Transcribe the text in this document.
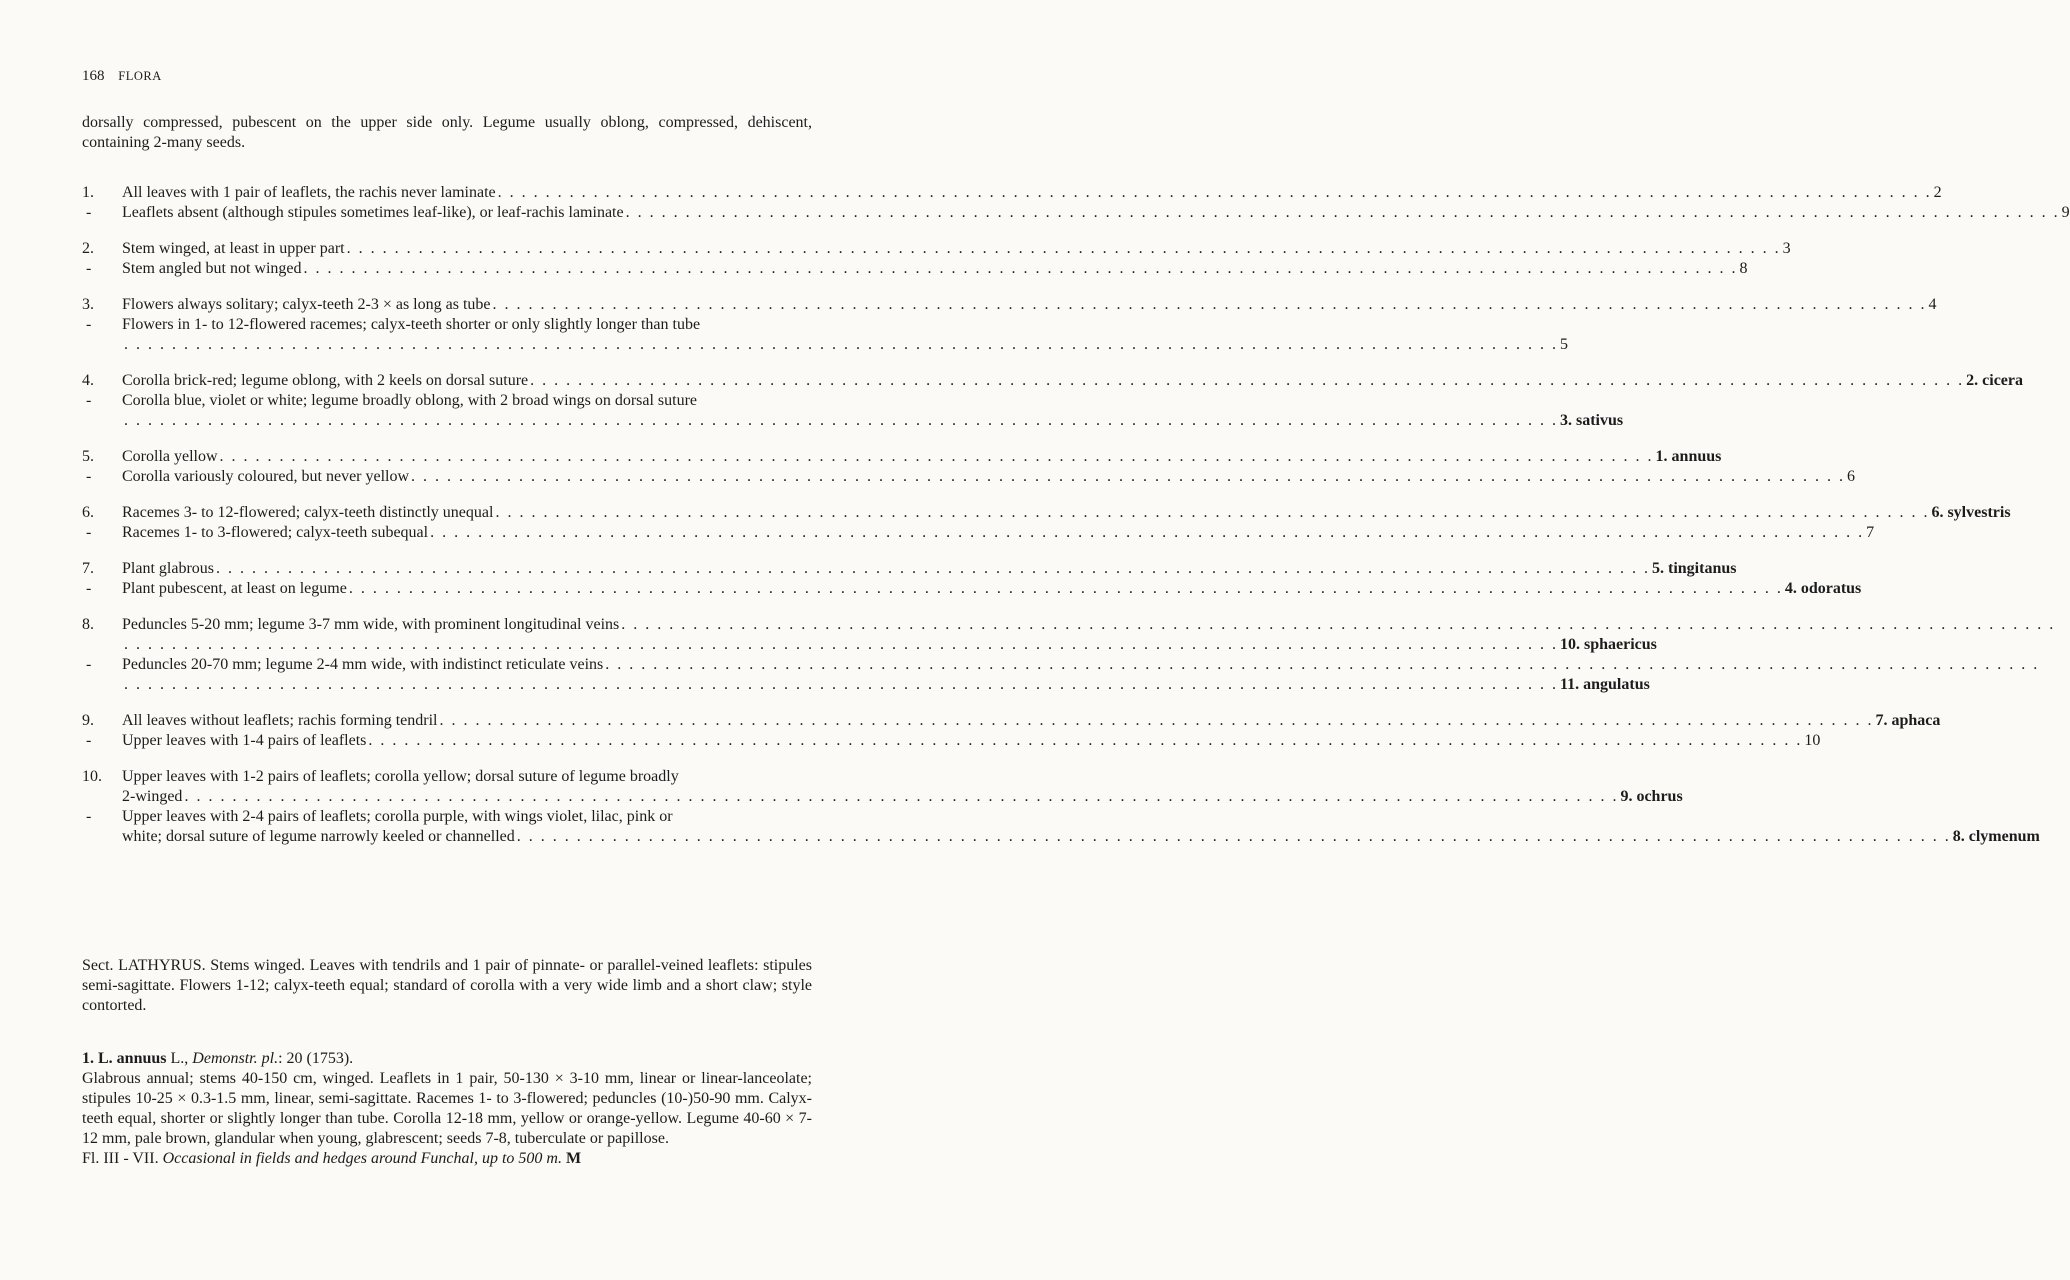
168 FLORA
dorsally compressed, pubescent on the upper side only. Legume usually oblong, compressed, dehiscent, containing 2-many seeds.
1.	All leaves with 1 pair of leaflets, the rachis never laminate . . . . . . . . . . . . . . . . . . . . . . . . . . . . . . . . . . . . . . . . . . . . . . . . . . . . . . . . . . . . . . . . . . . . . . . . . . . . . . . . . . . . . . . . . . . . . . . . . . . . . . . . . . . . . . . . . . . . . . . . 2
- Leaflets absent (although stipules sometimes leaf-like), or leaf-rachis laminate . . . . . . . . . . . . . . . . . . . . . . . . . . . . . . . . . . . . . . . . . . . . . . . . . . . . . . . . . . . . . . . . . . . . . . . . . . . . . . . . . . . . . . . . . . . . . . . . . . . . . . . . . . . . . . . . . . . . . . . . 9
2.	Stem winged, at least in upper part . . . . . . . . . . . . . . . . . . . . . . . . . . . . . . . . . . . . . . . . . . . . . . . . . . . . . . . . . . . . . . . . . . . . . . . . . . . . . . . . . . . . . . . . . . . . . . . . . . . . . . . . . . . . . . . . . . . . . . . . 3
- Stem angled but not winged . . . . . . . . . . . . . . . . . . . . . . . . . . . . . . . . . . . . . . . . . . . . . . . . . . . . . . . . . . . . . . . . . . . . . . . . . . . . . . . . . . . . . . . . . . . . . . . . . . . . . . . . . . . . . . . . . . . . . . . . 8
3.	Flowers always solitary; calyx-teeth 2-3 × as long as tube . . . . . . . . . . . . . . . . . . . . . . . . . . . . . . . . . . . . . . . . . . . . . . . . . . . . . . . . . . . . . . . . . . . . . . . . . . . . . . . . . . . . . . . . . . . . . . . . . . . . . . . . . . . . . . . . . . . . . . . . 4
- Flowers in 1- to 12-flowered racemes; calyx-teeth shorter or only slightly longer than tube
. . . . . . . . . . . . . . . . . . . . . . . . . . . . . . . . . . . . . . . . . . . . . . . . . . . . . . . . . . . . . . . . . . . . . . . . . . . . . . . . . . . . . . . . . . . . . . . . . . . . . . . . . . . . . . . . . . . . . . . . 5
4.	Corolla brick-red; legume oblong, with 2 keels on dorsal suture . . . . . . . . . . . . . . . . . . . . . . . . . . . . . . . . . . . . . . . . . . . . . . . . . . . . . . . . . . . . . . . . . . . . . . . . . . . . . . . . . . . . . . . . . . . . . . . . . . . . . . . . . . . . . . . . . . . . . . . . 2. cicera
- Corolla blue, violet or white; legume broadly oblong, with 2 broad wings on dorsal suture
. . . . . . . . . . . . . . . . . . . . . . . . . . . . . . . . . . . . . . . . . . . . . . . . . . . . . . . . . . . . . . . . . . . . . . . . . . . . . . . . . . . . . . . . . . . . . . . . . . . . . . . . . . . . . . . . . . . . . . . . 3. sativus
5.	Corolla yellow . . . . . . . . . . . . . . . . . . . . . . . . . . . . . . . . . . . . . . . . . . . . . . . . . . . . . . . . . . . . . . . . . . . . . . . . . . . . . . . . . . . . . . . . . . . . . . . . . . . . . . . . . . . . . . . . . . . . . . . . 1. annuus
- Corolla variously coloured, but never yellow . . . . . . . . . . . . . . . . . . . . . . . . . . . . . . . . . . . . . . . . . . . . . . . . . . . . . . . . . . . . . . . . . . . . . . . . . . . . . . . . . . . . . . . . . . . . . . . . . . . . . . . . . . . . . . . . . . . . . . . . 6
6.	Racemes 3- to 12-flowered; calyx-teeth distinctly unequal . . . . . . . . . . . . . . . . . . . . . . . . . . . . . . . . . . . . . . . . . . . . . . . . . . . . . . . . . . . . . . . . . . . . . . . . . . . . . . . . . . . . . . . . . . . . . . . . . . . . . . . . . . . . . . . . . . . . . . . . 6. sylvestris
- Racemes 1- to 3-flowered; calyx-teeth subequal . . . . . . . . . . . . . . . . . . . . . . . . . . . . . . . . . . . . . . . . . . . . . . . . . . . . . . . . . . . . . . . . . . . . . . . . . . . . . . . . . . . . . . . . . . . . . . . . . . . . . . . . . . . . . . . . . . . . . . . . 7
7.	Plant glabrous . . . . . . . . . . . . . . . . . . . . . . . . . . . . . . . . . . . . . . . . . . . . . . . . . . . . . . . . . . . . . . . . . . . . . . . . . . . . . . . . . . . . . . . . . . . . . . . . . . . . . . . . . . . . . . . . . . . . . . . . 5. tingitanus
- Plant pubescent, at least on legume . . . . . . . . . . . . . . . . . . . . . . . . . . . . . . . . . . . . . . . . . . . . . . . . . . . . . . . . . . . . . . . . . . . . . . . . . . . . . . . . . . . . . . . . . . . . . . . . . . . . . . . . . . . . . . . . . . . . . . . . 4. odoratus
8.	Peduncles 5-20 mm; legume 3-7 mm wide, with prominent longitudinal veins . . . . . . . . . . . . . . . . . . . . . . . . . . . . . . . . . . . . . . . . . . . . . . . . . . . . . . . . . . . . . . . . . . . . . . . . . . . . . . . . . . . . . . . . . . . . . . . . . . . . . . . . . . . . . . . . . . . . . . . .
. . . . . . . . . . . . . . . . . . . . . . . . . . . . . . . . . . . . . . . . . . . . . . . . . . . . . . . . . . . . . . . . . . . . . . . . . . . . . . . . . . . . . . . . . . . . . . . . . . . . . . . . . . . . . . . . . . . . . . . . 10. sphaericus
- Peduncles 20-70 mm; legume 2-4 mm wide, with indistinct reticulate veins . . . . . . . . . . . . . . . . . . . . . . . . . . . . . . . . . . . . . . . . . . . . . . . . . . . . . . . . . . . . . . . . . . . . . . . . . . . . . . . . . . . . . . . . . . . . . . . . . . . . . . . . . . . . . . . . . . . . . . . .
. . . . . . . . . . . . . . . . . . . . . . . . . . . . . . . . . . . . . . . . . . . . . . . . . . . . . . . . . . . . . . . . . . . . . . . . . . . . . . . . . . . . . . . . . . . . . . . . . . . . . . . . . . . . . . . . . . . . . . . . 11. angulatus
9.	All leaves without leaflets; rachis forming tendril . . . . . . . . . . . . . . . . . . . . . . . . . . . . . . . . . . . . . . . . . . . . . . . . . . . . . . . . . . . . . . . . . . . . . . . . . . . . . . . . . . . . . . . . . . . . . . . . . . . . . . . . . . . . . . . . . . . . . . . . 7. aphaca
- Upper leaves with 1-4 pairs of leaflets . . . . . . . . . . . . . . . . . . . . . . . . . . . . . . . . . . . . . . . . . . . . . . . . . . . . . . . . . . . . . . . . . . . . . . . . . . . . . . . . . . . . . . . . . . . . . . . . . . . . . . . . . . . . . . . . . . . . . . . . 10
10.	Upper leaves with 1-2 pairs of leaflets; corolla yellow; dorsal suture of legume broadly
2-winged . . . . . . . . . . . . . . . . . . . . . . . . . . . . . . . . . . . . . . . . . . . . . . . . . . . . . . . . . . . . . . . . . . . . . . . . . . . . . . . . . . . . . . . . . . . . . . . . . . . . . . . . . . . . . . . . . . . . . . . . 9. ochrus
- Upper leaves with 2-4 pairs of leaflets; corolla purple, with wings violet, lilac, pink or
white; dorsal suture of legume narrowly keeled or channelled . . . . . . . . . . . . . . . . . . . . . . . . . . . . . . . . . . . . . . . . . . . . . . . . . . . . . . . . . . . . . . . . . . . . . . . . . . . . . . . . . . . . . . . . . . . . . . . . . . . . . . . . . . . . . . . . . . . . . . . . 8. clymenum
Sect. LATHYRUS. Stems winged. Leaves with tendrils and 1 pair of pinnate- or parallel-veined leaflets: stipules semi-sagittate. Flowers 1-12; calyx-teeth equal; standard of corolla with a very wide limb and a short claw; style contorted.
1. L. annuus L., Demonstr. pl.: 20 (1753).
Glabrous annual; stems 40-150 cm, winged. Leaflets in 1 pair, 50-130 × 3-10 mm, linear or linear-lanceolate; stipules 10-25 × 0.3-1.5 mm, linear, semi-sagittate. Racemes 1- to 3-flowered; peduncles (10-)50-90 mm. Calyx-teeth equal, shorter or slightly longer than tube. Corolla 12-18 mm, yellow or orange-yellow. Legume 40-60 × 7-12 mm, pale brown, glandular when young, glabrescent; seeds 7-8, tuberculate or papillose.
Fl. III - VII. Occasional in fields and hedges around Funchal, up to 500 m. M
